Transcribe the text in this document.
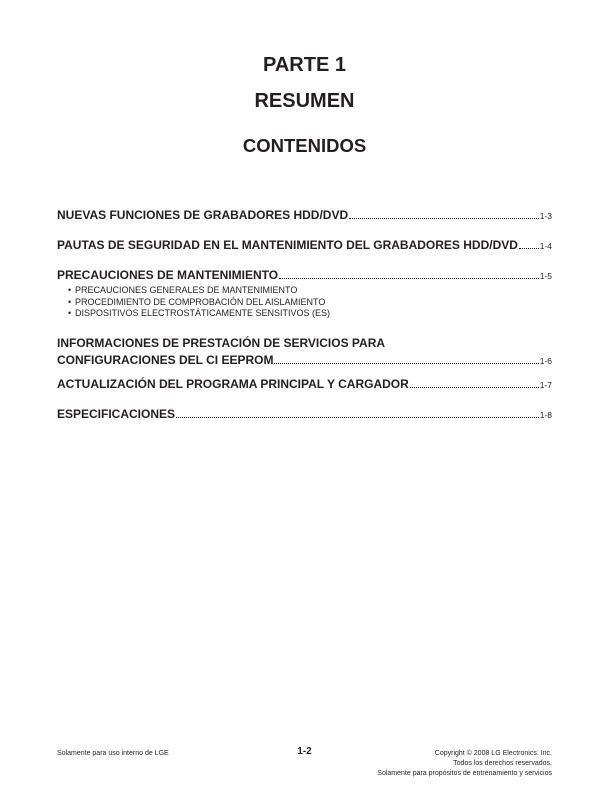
PARTE 1
RESUMEN
CONTENIDOS
NUEVAS FUNCIONES DE GRABADORES HDD/DVD	1-3
PAUTAS DE SEGURIDAD EN EL MANTENIMIENTO DEL GRABADORES HDD/DVD	1-4
PRECAUCIONES DE MANTENIMIENTO	1-5
• PRECAUCIONES GENERALES DE MANTENIMIENTO
• PROCEDIMIENTO DE COMPROBACIÓN DEL AISLAMIENTO
• DISPOSITIVOS ELECTROSTÁTICAMENTE SENSITIVOS (ES)
INFORMACIONES DE PRESTACIÓN DE SERVICIOS PARA
CONFIGURACIONES DEL CI EEPROM	1-6
ACTUALIZACIÓN DEL PROGRAMA PRINCIPAL Y CARGADOR	1-7
ESPECIFICACIONES	1-8
Solamente para uso interno de LGE	1-2	Copyright © 2008 LG Electronics. Inc.
Todos los derechos reservados.
Solamente para propósitos de entrenamiento y servicios
